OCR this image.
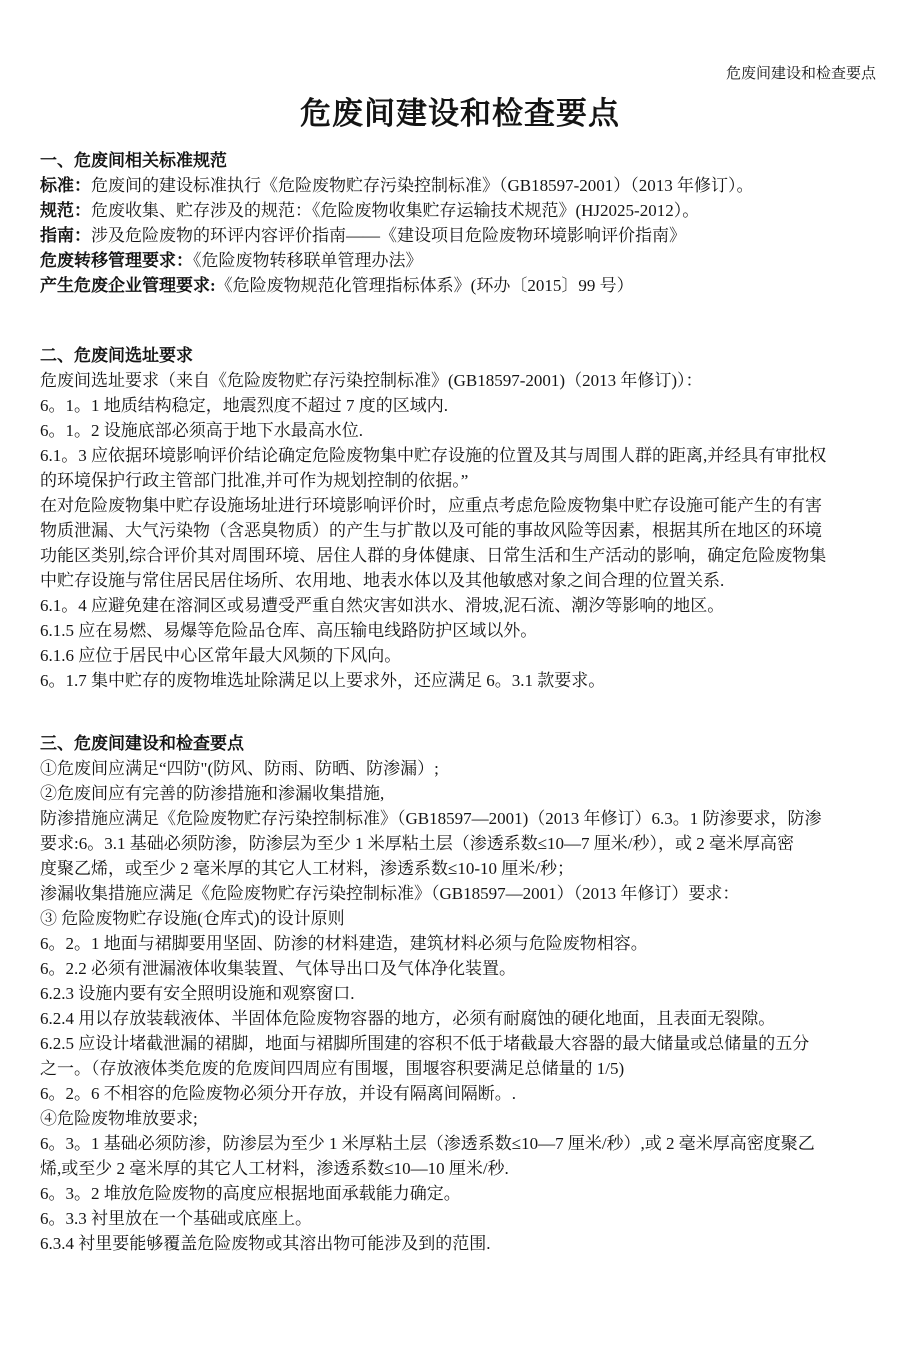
危废间建设和检查要点
危废间建设和检查要点
一、危废间相关标准规范
标准：危废间的建设标准执行《危险废物贮存污染控制标准》（GB18597-2001）（2013 年修订）。
规范：危废收集、贮存涉及的规范：《危险废物收集贮存运输技术规范》(HJ2025-2012）。
指南：涉及危险废物的环评内容评价指南——《建设项目危险废物环境影响评价指南》
危废转移管理要求：《危险废物转移联单管理办法》
产生危废企业管理要求:《危险废物规范化管理指标体系》(环办〔2015〕99 号）
二、危废间选址要求
危废间选址要求（来自《危险废物贮存污染控制标准》(GB18597-2001)（2013 年修订)）：
6。1。1 地质结构稳定，地震烈度不超过 7 度的区域内.
6。1。2 设施底部必须高于地下水最高水位.
6.1。3 应依据环境影响评价结论确定危险废物集中贮存设施的位置及其与周围人群的距离,并经具有审批权
的环境保护行政主管部门批准,并可作为规划控制的依据。”
在对危险废物集中贮存设施场址进行环境影响评价时，应重点考虑危险废物集中贮存设施可能产生的有害
物质泄漏、大气污染物（含恶臭物质）的产生与扩散以及可能的事故风险等因素，根据其所在地区的环境
功能区类别,综合评价其对周围环境、居住人群的身体健康、日常生活和生产活动的影响，确定危险废物集
中贮存设施与常住居民居住场所、农用地、地表水体以及其他敏感对象之间合理的位置关系.
6.1。4 应避免建在溶洞区或易遭受严重自然灾害如洪水、滑坡,泥石流、潮汐等影响的地区。
6.1.5 应在易燃、易爆等危险品仓库、高压输电线路防护区域以外。
6.1.6 应位于居民中心区常年最大风频的下风向。
6。1.7 集中贮存的废物堆选址除满足以上要求外，还应满足 6。3.1 款要求。
三、危废间建设和检查要点
①危废间应满足“四防"(防风、防雨、防晒、防渗漏）;
②危废间应有完善的防渗措施和渗漏收集措施,
防渗措施应满足《危险废物贮存污染控制标准》（GB18597—2001)（2013 年修订）6.3。1 防渗要求，防渗
要求:6。3.1 基础必须防渗，防渗层为至少 1 米厚粘土层（渗透系数≤10—7 厘米/秒），或 2 毫米厚高密
度聚乙烯，或至少 2 毫米厚的其它人工材料，渗透系数≤10-10 厘米/秒；
渗漏收集措施应满足《危险废物贮存污染控制标准》（GB18597—2001）（2013 年修订）要求：
③ 危险废物贮存设施(仓库式)的设计原则
6。2。1 地面与裙脚要用坚固、防渗的材料建造，建筑材料必须与危险废物相容。
6。2.2 必须有泄漏液体收集装置、气体导出口及气体净化装置。
6.2.3 设施内要有安全照明设施和观察窗口.
6.2.4 用以存放装载液体、半固体危险废物容器的地方，必须有耐腐蚀的硬化地面，且表面无裂隙。
6.2.5 应设计堵截泄漏的裙脚，地面与裙脚所围建的容积不低于堵截最大容器的最大储量或总储量的五分
之一。（存放液体类危废的危废间四周应有围堰，围堰容积要满足总储量的 1/5)
6。2。6 不相容的危险废物必须分开存放，并设有隔离间隔断。.
④危险废物堆放要求;
6。3。1 基础必须防渗，防渗层为至少 1 米厚粘土层（渗透系数≤10—7 厘米/秒）,或 2 毫米厚高密度聚乙
烯,或至少 2 毫米厚的其它人工材料，渗透系数≤10—10 厘米/秒.
6。3。2 堆放危险废物的高度应根据地面承载能力确定。
6。3.3 衬里放在一个基础或底座上。
6.3.4 衬里要能够覆盖危险废物或其溶出物可能涉及到的范围.
